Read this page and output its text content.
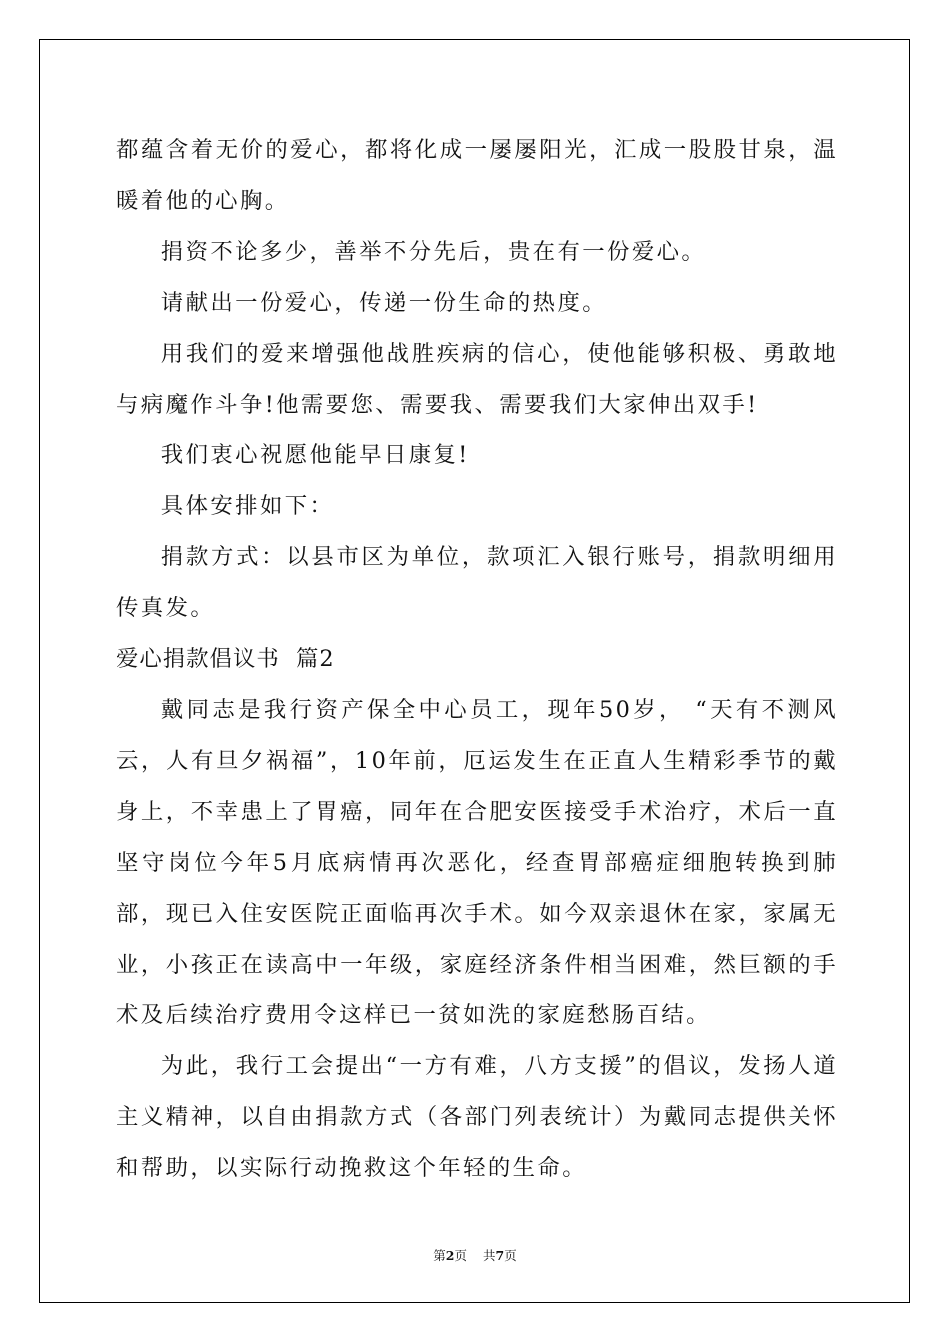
都蕴含着无价的爱心，都将化成一屡屡阳光，汇成一股股甘泉，温暖着他的心胸。

捐资不论多少，善举不分先后，贵在有一份爱心。

请献出一份爱心，传递一份生命的热度。

用我们的爱来增强他战胜疾病的信心，使他能够积极、勇敢地与病魔作斗争!他需要您、需要我、需要我们大家伸出双手!

我们衷心祝愿他能早日康复!

具体安排如下：

捐款方式：以县市区为单位，款项汇入银行账号，捐款明细用传真发。

爱心捐款倡议书  篇2

戴同志是我行资产保全中心员工，现年50岁， “天有不测风云，人有旦夕祸福”，10年前，厄运发生在正直人生精彩季节的戴身上，不幸患上了胃癌，同年在合肥安医接受手术治疗，术后一直坚守岗位今年5月底病情再次恶化，经查胃部癌症细胞转换到肺部，现已入住安医院正面临再次手术。如今双亲退休在家，家属无业，小孩正在读高中一年级，家庭经济条件相当困难，然巨额的手术及后续治疗费用令这样已一贫如洗的家庭愁肠百结。

为此，我行工会提出“一方有难，八方支援”的倡议，发扬人道主义精神，以自由捐款方式（各部门列表统计）为戴同志提供关怀和帮助，以实际行动挽救这个年轻的生命。

第2页 共7页
